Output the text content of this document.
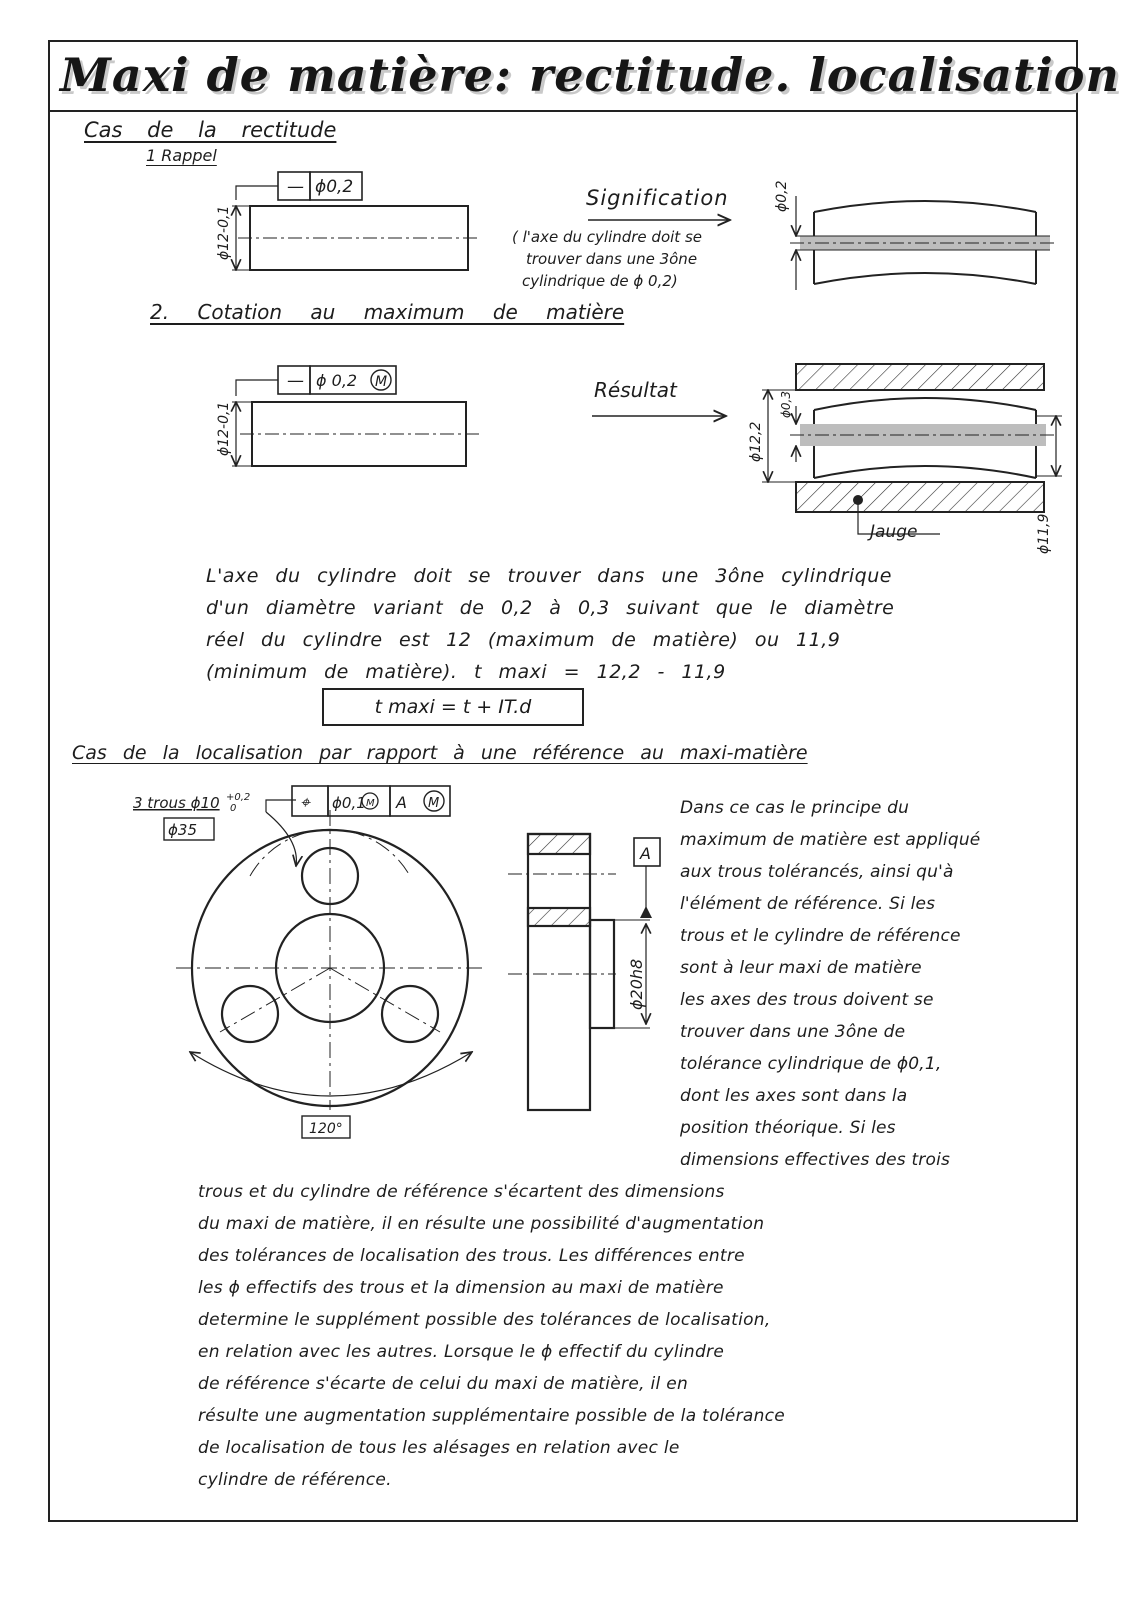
Maxi de matière: rectitude. localisation
Cas de la rectitude
1 Rappel
2. Cotation au maximum de matière
— ϕ0,2
ϕ12-0,1
ϕ0,2
— ϕ 0,2 M
ϕ12-0,1	ϕ12,2
ϕ0,3
ϕ11,9
⌖ ϕ0,1 M A M
ϕ35
120°
A
ϕ20h8
3 trous ϕ10 +0,2
0
Signification
( l'axe du cylindre doit se
trouver dans une 3ône
cylindrique de ϕ 0,2)
Résultat
Jauge
L'axe du cylindre doit se trouver dans une 3ône cylindrique
d'un diamètre variant de 0,2 à 0,3 suivant que le diamètre
réel du cylindre est 12 (maximum de matière) ou 11,9
(minimum de matière). t maxi = 12,2 - 11,9
t maxi = t + IT.d
Cas de la localisation par rapport à une référence au maxi-matière
Dans ce cas le principe du
maximum de matière est appliqué
aux trous tolérancés, ainsi qu'à
l'élément de référence. Si les
trous et le cylindre de référence
sont à leur maxi de matière
les axes des trous doivent se
trouver dans une 3ône de
tolérance cylindrique de ϕ0,1,
dont les axes sont dans la
position théorique. Si les
dimensions effectives des trois
trous et du cylindre de référence s'écartent des dimensions
du maxi de matière, il en résulte une possibilité d'augmentation
des tolérances de localisation des trous. Les différences entre
les ϕ effectifs des trous et la dimension au maxi de matière
determine le supplément possible des tolérances de localisation,
en relation avec les autres. Lorsque le ϕ effectif du cylindre
de référence s'écarte de celui du maxi de matière, il en
résulte une augmentation supplémentaire possible de la tolérance
de localisation de tous les alésages en relation avec le
cylindre de référence.
